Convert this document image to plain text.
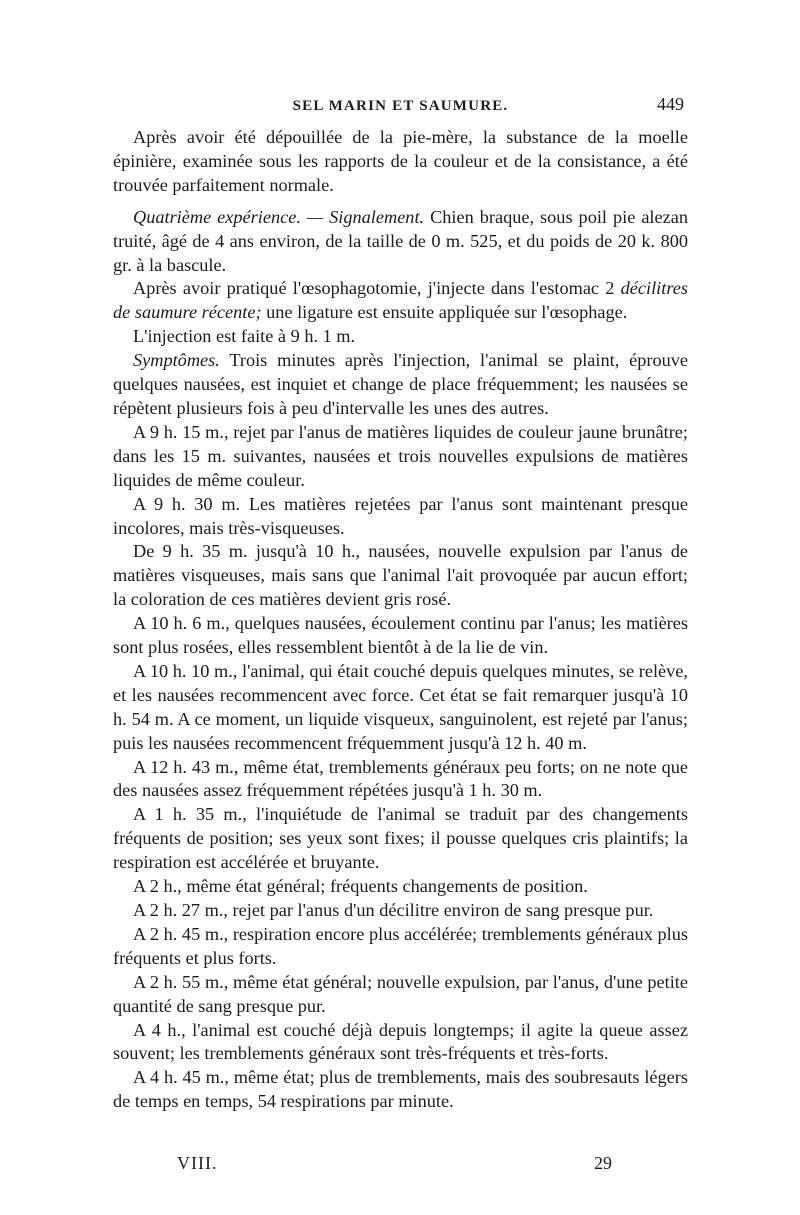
SEL MARIN ET SAUMURE.	449

Après avoir été dépouillée de la pie-mère, la substance de la moelle épinière, examinée sous les rapports de la couleur et de la consistance, a été trouvée parfaitement normale.

Quatrième expérience. — Signalement. Chien braque, sous poil pie alezan truité, âgé de 4 ans environ, de la taille de 0 m. 525, et du poids de 20 k. 800 gr. à la bascule.

Après avoir pratiqué l'œsophagotomie, j'injecte dans l'estomac 2 décilitres de saumure récente; une ligature est ensuite appliquée sur l'œsophage.

L'injection est faite à 9 h. 1 m.

Symptômes. Trois minutes après l'injection, l'animal se plaint, éprouve quelques nausées, est inquiet et change de place fréquemment; les nausées se répètent plusieurs fois à peu d'intervalle les unes des autres.

A 9 h. 15 m., rejet par l'anus de matières liquides de couleur jaune brunâtre; dans les 15 m. suivantes, nausées et trois nouvelles expulsions de matières liquides de même couleur.

A 9 h. 30 m. Les matières rejetées par l'anus sont maintenant presque incolores, mais très-visqueuses.

De 9 h. 35 m. jusqu'à 10 h., nausées, nouvelle expulsion par l'anus de matières visqueuses, mais sans que l'animal l'ait provoquée par aucun effort; la coloration de ces matières devient gris rosé.

A 10 h. 6 m., quelques nausées, écoulement continu par l'anus; les matières sont plus rosées, elles ressemblent bientôt à de la lie de vin.

A 10 h. 10 m., l'animal, qui était couché depuis quelques minutes, se relève, et les nausées recommencent avec force. Cet état se fait remarquer jusqu'à 10 h. 54 m. A ce moment, un liquide visqueux, sanguinolent, est rejeté par l'anus; puis les nausées recommencent fréquemment jusqu'à 12 h. 40 m.

A 12 h. 43 m., même état, tremblements généraux peu forts; on ne note que des nausées assez fréquemment répétées jusqu'à 1 h. 30 m.

A 1 h. 35 m., l'inquiétude de l'animal se traduit par des changements fréquents de position; ses yeux sont fixes; il pousse quelques cris plaintifs; la respiration est accélérée et bruyante.

A 2 h., même état général; fréquents changements de position.

A 2 h. 27 m., rejet par l'anus d'un décilitre environ de sang presque pur.

A 2 h. 45 m., respiration encore plus accélérée; tremblements généraux plus fréquents et plus forts.

A 2 h. 55 m., même état général; nouvelle expulsion, par l'anus, d'une petite quantité de sang presque pur.

A 4 h., l'animal est couché déjà depuis longtemps; il agite la queue assez souvent; les tremblements généraux sont très-fréquents et très-forts.

A 4 h. 45 m., même état; plus de tremblements, mais des soubresauts légers de temps en temps, 54 respirations par minute.

VIII.	29
